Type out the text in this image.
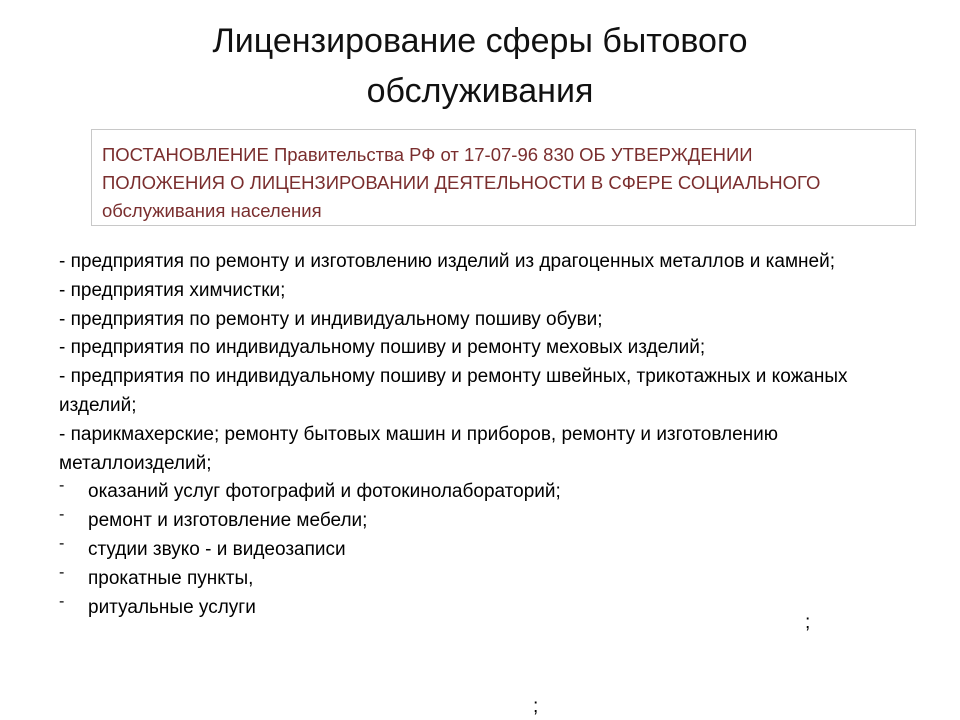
Лицензирование сферы бытового
обслуживания
ПОСТАНОВЛЕНИЕ Правительства РФ от 17-07-96 830 ОБ УТВЕРЖДЕНИИ
ПОЛОЖЕНИЯ О ЛИЦЕНЗИРОВАНИИ ДЕЯТЕЛЬНОСТИ В СФЕРЕ СОЦИАЛЬНОГО
обслуживания населения
- предприятия по ремонту и изготовлению изделий из драгоценных металлов и камней;
- предприятия химчистки;
- предприятия по ремонту и индивидуальному пошиву обуви;
- предприятия по индивидуальному пошиву и ремонту меховых изделий;
- предприятия по индивидуальному пошиву и ремонту швейных, трикотажных и кожаных изделий;
- парикмахерские; ремонту бытовых машин и приборов, ремонту и изготовлению металлоизделий;
- оказаний услуг фотографий и фотокинолабораторий;
- ремонт и изготовление мебели;
- студии звуко - и видеозаписи
- прокатные пункты,
- ритуальные услуги
;
;
